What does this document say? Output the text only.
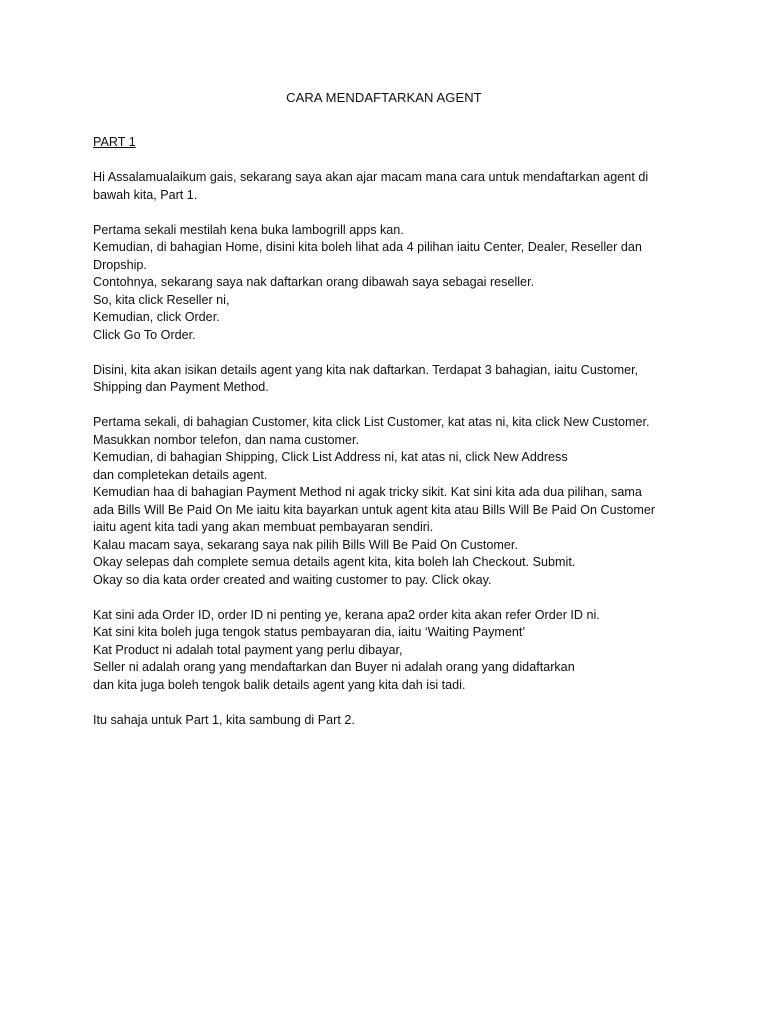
CARA MENDAFTARKAN AGENT

PART 1

Hi Assalamualaikum gais, sekarang saya akan ajar macam mana cara untuk mendaftarkan agent di
bawah kita, Part 1.

Pertama sekali mestilah kena buka lambogrill apps kan.
Kemudian, di bahagian Home, disini kita boleh lihat ada 4 pilihan iaitu Center, Dealer, Reseller dan
Dropship.
Contohnya, sekarang saya nak daftarkan orang dibawah saya sebagai reseller.
So, kita click Reseller ni,
Kemudian, click Order.
Click Go To Order.

Disini, kita akan isikan details agent yang kita nak daftarkan. Terdapat 3 bahagian, iaitu Customer,
Shipping dan Payment Method.

Pertama sekali, di bahagian Customer, kita click List Customer, kat atas ni, kita click New Customer.
Masukkan nombor telefon, dan nama customer.
Kemudian, di bahagian Shipping, Click List Address ni, kat atas ni, click New Address
dan completekan details agent.
Kemudian haa di bahagian Payment Method ni agak tricky sikit. Kat sini kita ada dua pilihan, sama
ada Bills Will Be Paid On Me iaitu kita bayarkan untuk agent kita atau Bills Will Be Paid On Customer
iaitu agent kita tadi yang akan membuat pembayaran sendiri.
Kalau macam saya, sekarang saya nak pilih Bills Will Be Paid On Customer.
Okay selepas dah complete semua details agent kita, kita boleh lah Checkout. Submit.
Okay so dia kata order created and waiting customer to pay. Click okay.

Kat sini ada Order ID, order ID ni penting ye, kerana apa2 order kita akan refer Order ID ni.
Kat sini kita boleh juga tengok status pembayaran dia, iaitu ‘Waiting Payment’
Kat Product ni adalah total payment yang perlu dibayar,
Seller ni adalah orang yang mendaftarkan dan Buyer ni adalah orang yang didaftarkan
dan kita juga boleh tengok balik details agent yang kita dah isi tadi.

Itu sahaja untuk Part 1, kita sambung di Part 2.
